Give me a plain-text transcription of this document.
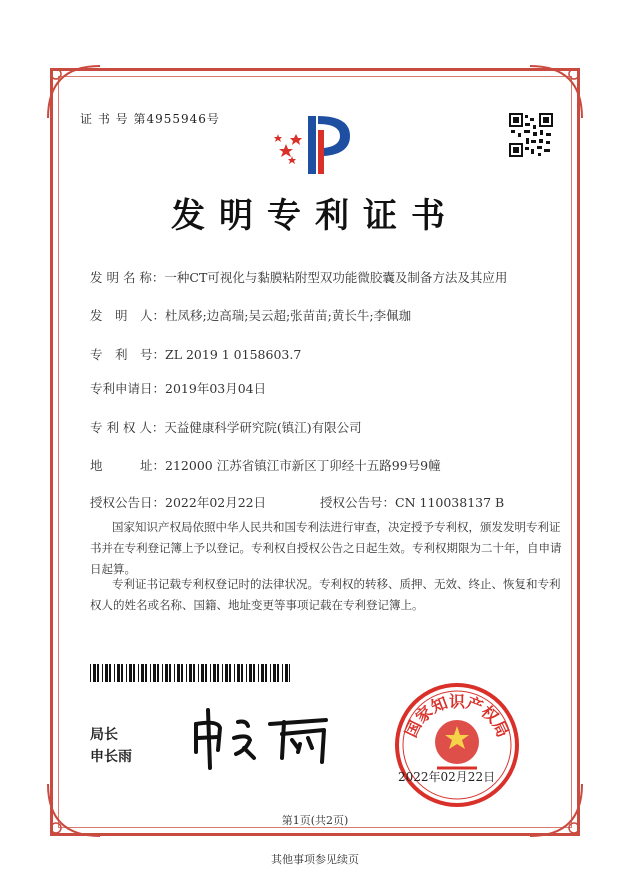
证 书 号 第4955946号
发明专利证书
发 明 名 称：一种CT可视化与黏膜粘附型双功能微胶囊及制备方法及其应用
发　明　人：杜凤移;边高瑞;吴云超;张苗苗;黄长牛;李佩珈
专　利　号：ZL 2019 1 0158603.7
专利申请日：2019年03月04日
专 利 权 人：天益健康科学研究院(镇江)有限公司
地　　　址：212000 江苏省镇江市新区丁卯经十五路99号9幢
授权公告日：2022年02月22日	授权公告号：CN 110038137 B
国家知识产权局依照中华人民共和国专利法进行审查，决定授予专利权，颁发发明专利证书并在专利登记簿上予以登记。专利权自授权公告之日起生效。专利权期限为二十年，自申请日起算。
专利证书记载专利权登记时的法律状况。专利权的转移、质押、无效、终止、恢复和专利权人的姓名或名称、国籍、地址变更等事项记载在专利登记簿上。
局长
申长雨
国家知识产权局
2022年02月22日
第1页(共2页)
其他事项参见续页
